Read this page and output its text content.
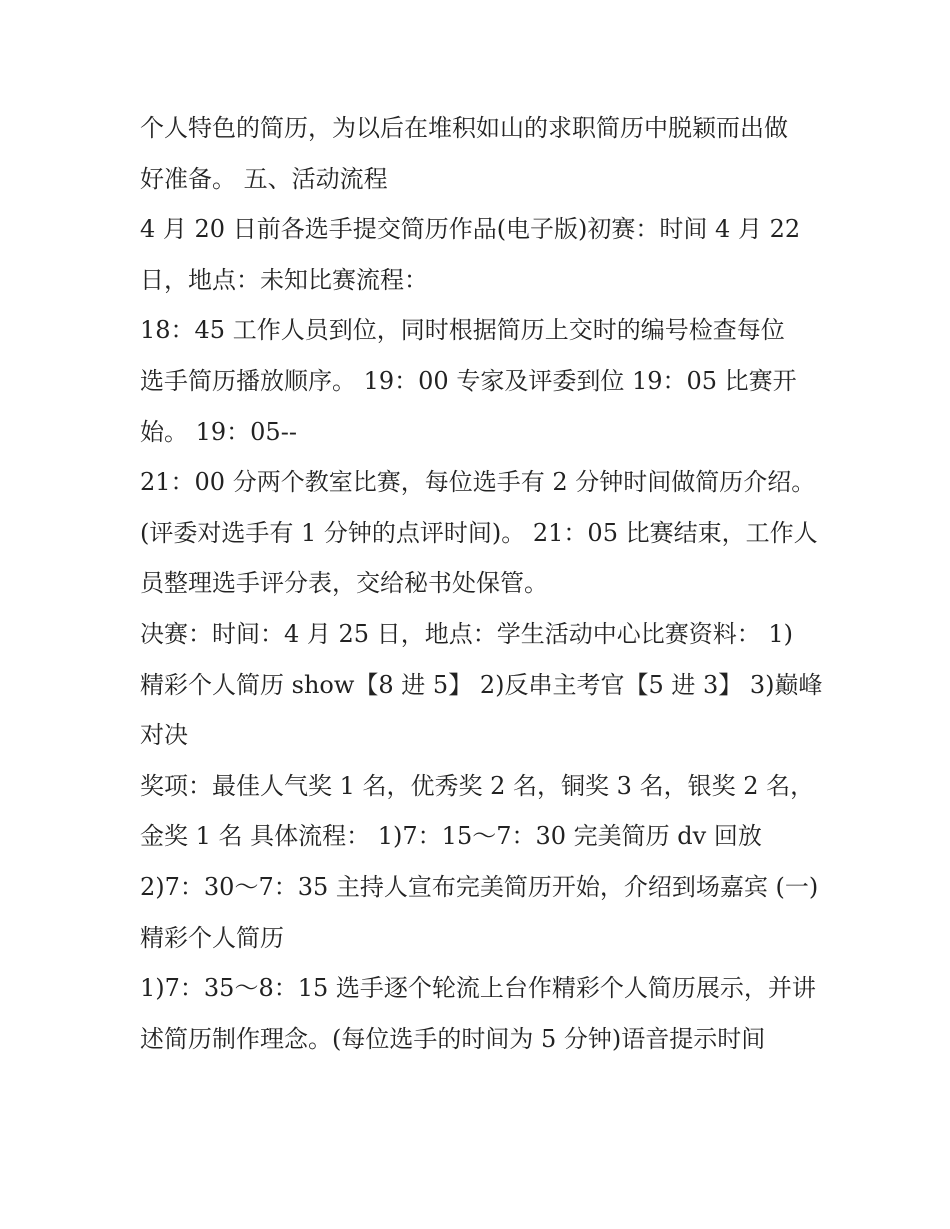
个人特色的简历，为以后在堆积如山的求职简历中脱颖而出做
好准备。 五、活动流程
4 月 20 日前各选手提交简历作品(电子版)初赛：时间 4 月 22
日，地点：未知比赛流程：
18：45 工作人员到位，同时根据简历上交时的编号检查每位
选手简历播放顺序。 19：00 专家及评委到位 19：05 比赛开
始。 19：05--
21：00 分两个教室比赛，每位选手有 2 分钟时间做简历介绍。
(评委对选手有 1 分钟的点评时间)。 21：05 比赛结束，工作人
员整理选手评分表，交给秘书处保管。
决赛：时间：4 月 25 日，地点：学生活动中心比赛资料： 1)
精彩个人简历 show【8 进 5】 2)反串主考官【5 进 3】 3)巅峰
对决
奖项：最佳人气奖 1 名，优秀奖 2 名，铜奖 3 名，银奖 2 名，
金奖 1 名 具体流程： 1)7：15～7：30 完美简历 dv 回放
2)7：30～7：35 主持人宣布完美简历开始，介绍到场嘉宾 (一)
精彩个人简历
1)7：35～8：15 选手逐个轮流上台作精彩个人简历展示，并讲
述简历制作理念。(每位选手的时间为 5 分钟)语音提示时间
